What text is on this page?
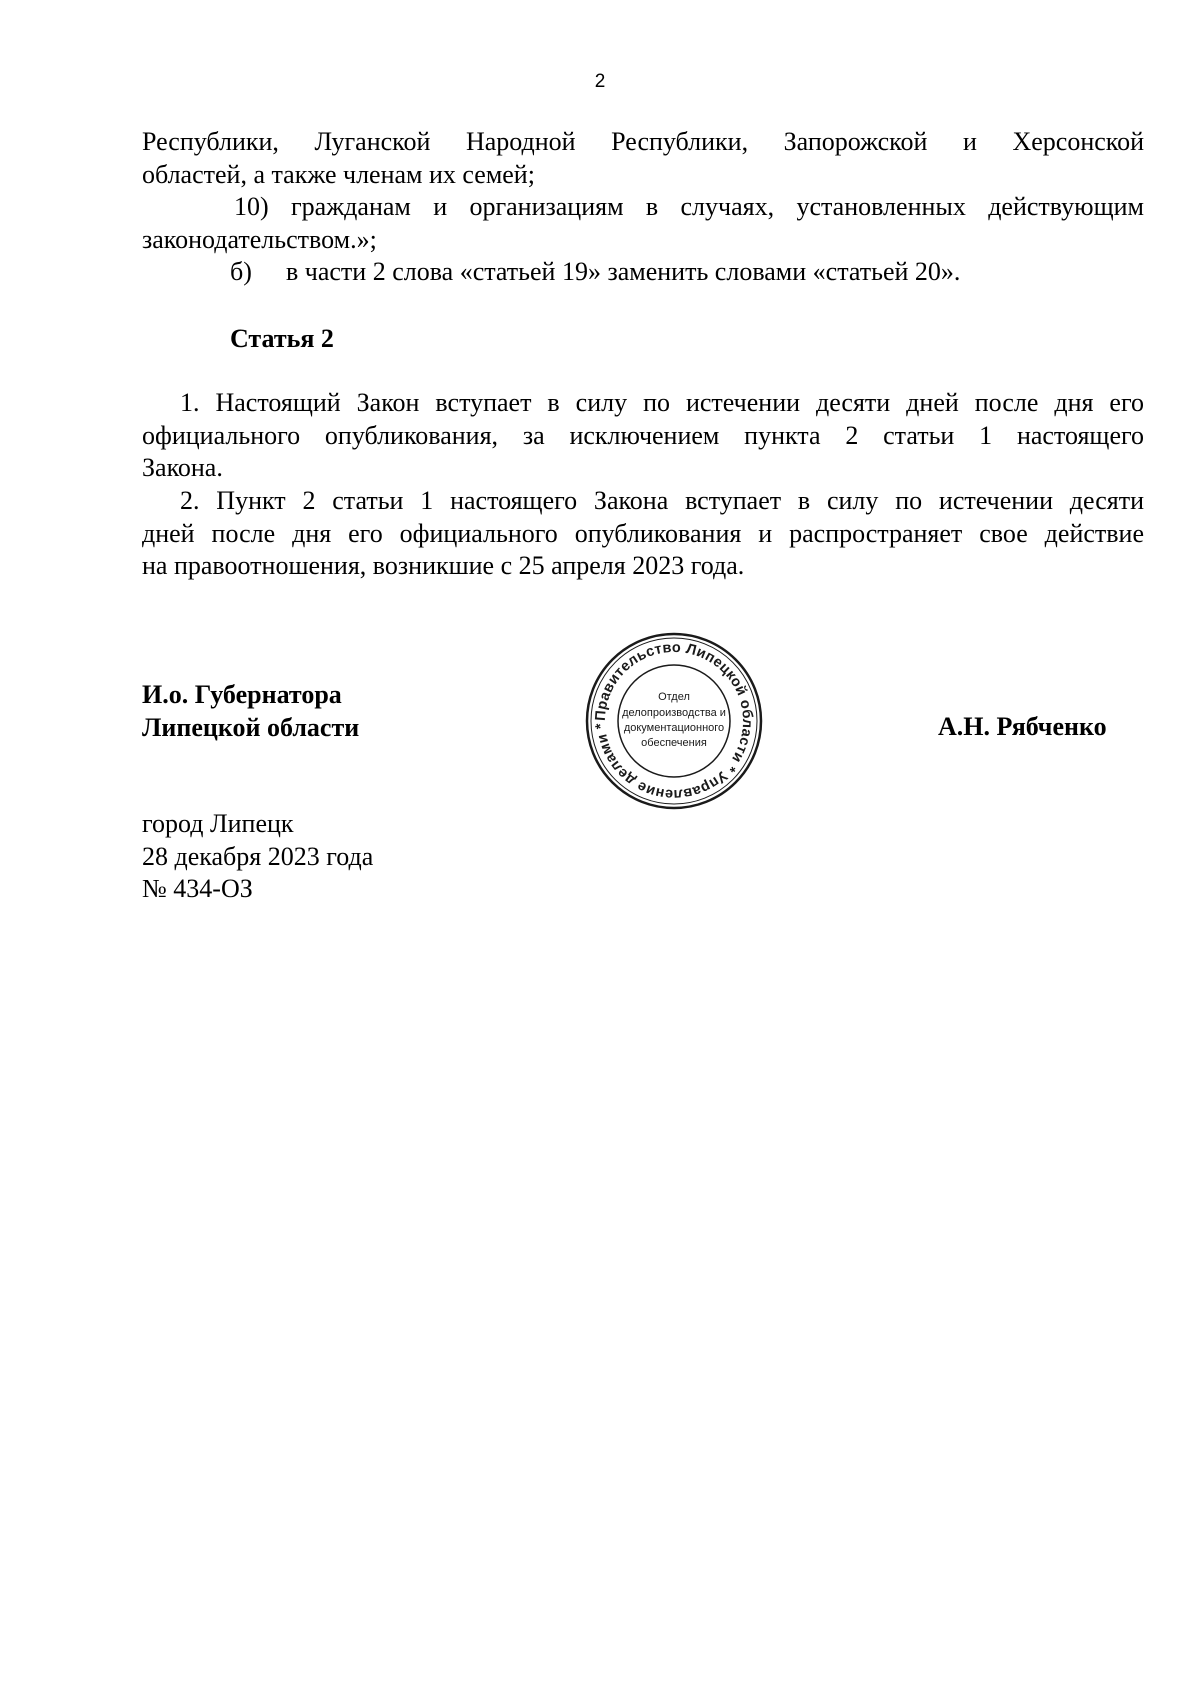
2
Республики, Луганской Народной Республики, Запорожской и Херсонской
областей, а также членам их семей;
10) гражданам и организациям в случаях, установленных действующим
законодательством.»;
б) в части 2 слова «статьей 19» заменить словами «статьей 20».
Статья 2
1. Настоящий Закон вступает в силу по истечении десяти дней после дня его
официального опубликования, за исключением пункта 2 статьи 1 настоящего
Закона.
2. Пункт 2 статьи 1 настоящего Закона вступает в силу по истечении десяти
дней после дня его официального опубликования и распространяет свое действие
на правоотношения, возникшие с 25 апреля 2023 года.
И.о. Губернатора
Липецкой области	А.Н. Рябченко
Правительство Липецкой области * Управление делами *
Отдел
делопроизводства и
документационного
обеспечения
город Липецк
28 декабря 2023 года
№ 434-ОЗ
